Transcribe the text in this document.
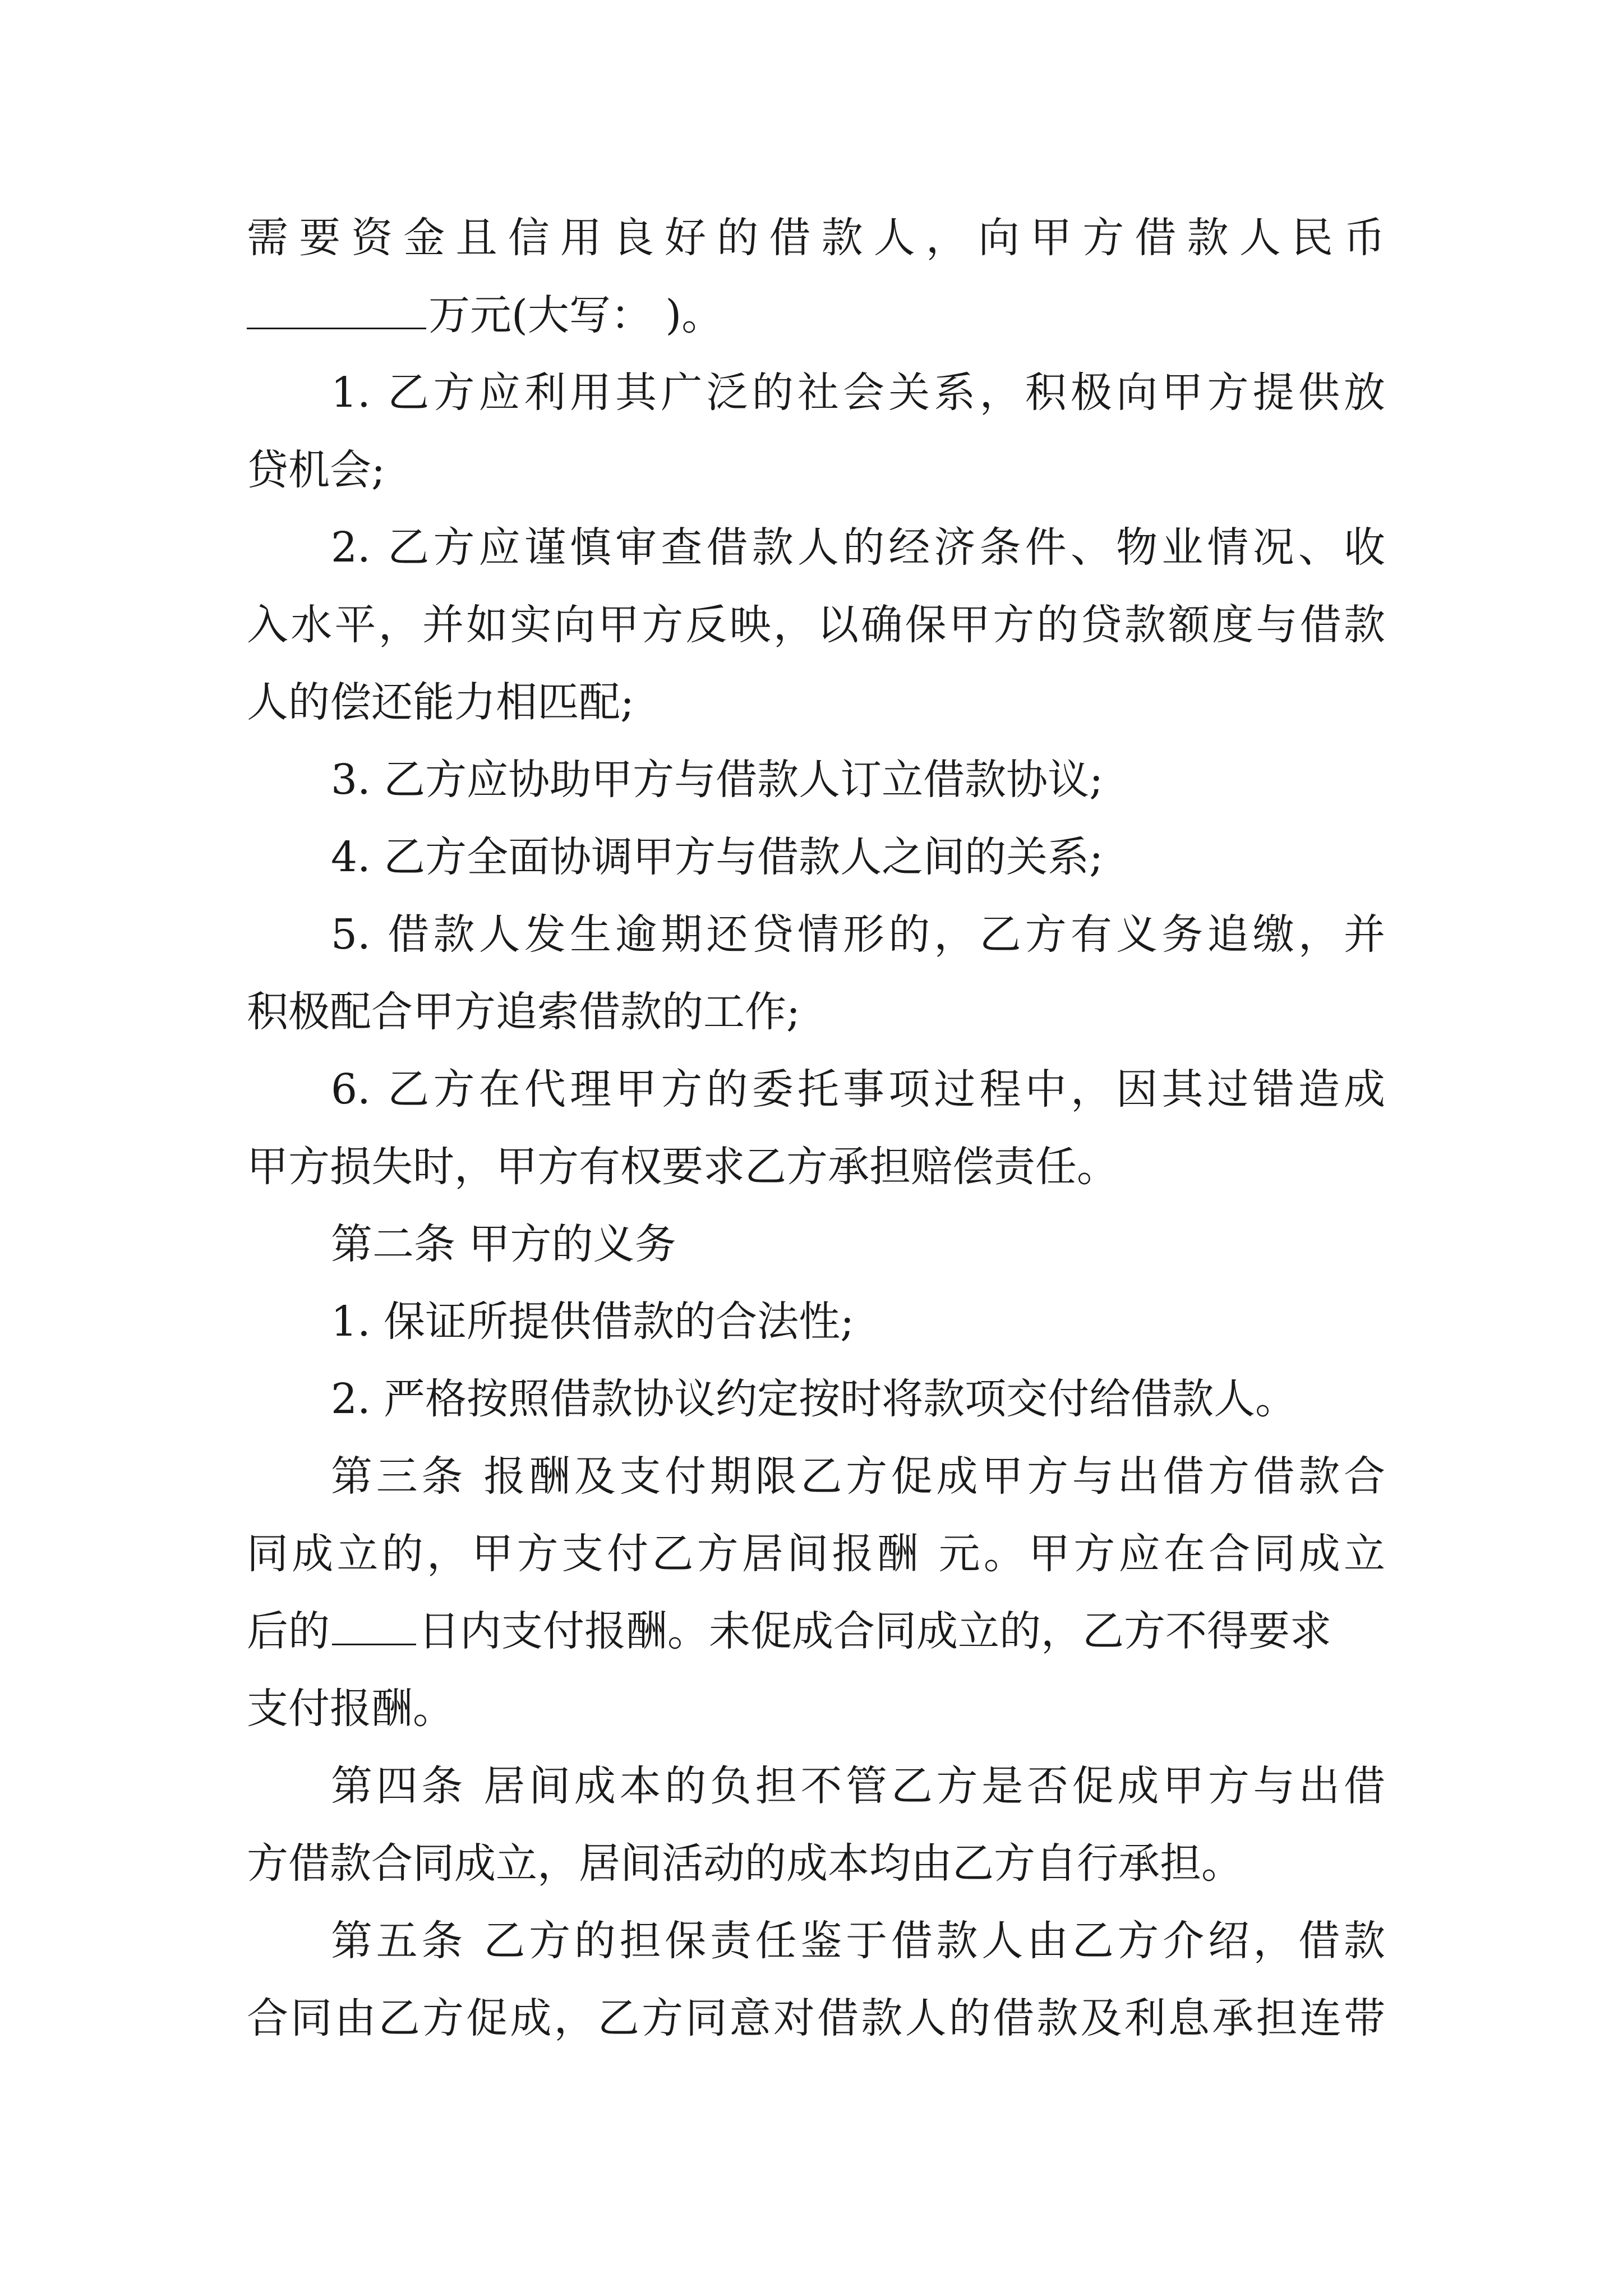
需要资金且信用良好的借款人，向甲方借款人民币
万元(大写： )。
1. 乙方应利用其广泛的社会关系，积极向甲方提供放
贷机会;
2. 乙方应谨慎审查借款人的经济条件、物业情况、收
入水平，并如实向甲方反映，以确保甲方的贷款额度与借款
人的偿还能力相匹配;
3. 乙方应协助甲方与借款人订立借款协议;
4. 乙方全面协调甲方与借款人之间的关系;
5. 借款人发生逾期还贷情形的，乙方有义务追缴，并
积极配合甲方追索借款的工作;
6. 乙方在代理甲方的委托事项过程中，因其过错造成
甲方损失时，甲方有权要求乙方承担赔偿责任。
第二条 甲方的义务
1. 保证所提供借款的合法性;
2. 严格按照借款协议约定按时将款项交付给借款人。
第三条 报酬及支付期限乙方促成甲方与出借方借款合
同成立的，甲方支付乙方居间报酬 元。甲方应在合同成立
后的 日内支付报酬。未促成合同成立的，乙方不得要求
支付报酬。
第四条 居间成本的负担不管乙方是否促成甲方与出借
方借款合同成立，居间活动的成本均由乙方自行承担。
第五条 乙方的担保责任鉴于借款人由乙方介绍，借款
合同由乙方促成，乙方同意对借款人的借款及利息承担连带
